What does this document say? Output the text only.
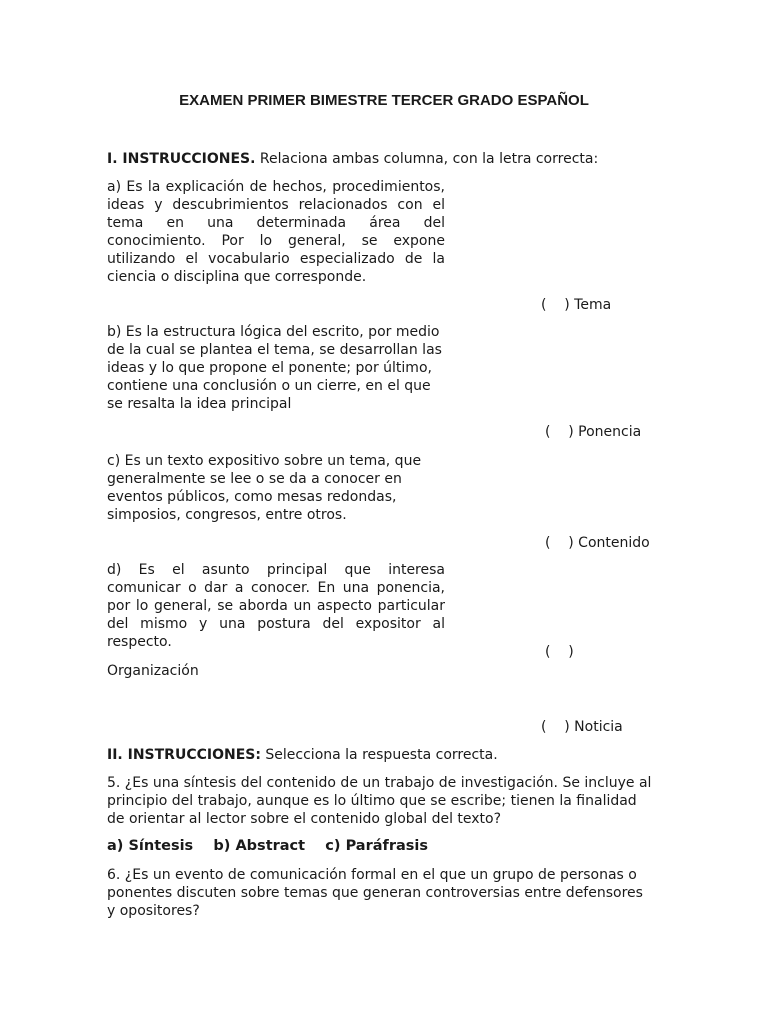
EXAMEN PRIMER BIMESTRE TERCER GRADO ESPAÑOL
I. INSTRUCCIONES. Relaciona ambas columna, con la letra correcta:
a) Es la explicación de hechos, procedimientos, ideas y descubrimientos relacionados con el tema en una determinada área del conocimiento. Por lo general, se expone utilizando el vocabulario especializado de la ciencia o disciplina que corresponde.
b) Es la estructura lógica del escrito, por medio de la cual se plantea el tema, se desarrollan las ideas y lo que propone el ponente; por último, contiene una conclusión o un cierre, en el que se resalta la idea principal
c) Es un texto expositivo sobre un tema, que generalmente se lee o se da a conocer en eventos públicos, como mesas redondas, simposios, congresos, entre otros.
d) Es el asunto principal que interesa comunicar o dar a conocer. En una ponencia, por lo general, se aborda un aspecto particular del mismo y una postura del expositor al respecto.
(    ) Tema
(    ) Ponencia
(    ) Contenido
(    )
Organización
(    ) Noticia
II. INSTRUCCIONES: Selecciona la respuesta correcta.
5. ¿Es una síntesis del contenido de un trabajo de investigación. Se incluye al principio del trabajo, aunque es lo último que se escribe; tienen la finalidad de orientar al lector sobre el contenido global del texto?
a) Síntesis b) Abstract c) Paráfrasis
6. ¿Es un evento de comunicación formal en el que un grupo de personas o ponentes discuten sobre temas que generan controversias entre defensores y opositores?
